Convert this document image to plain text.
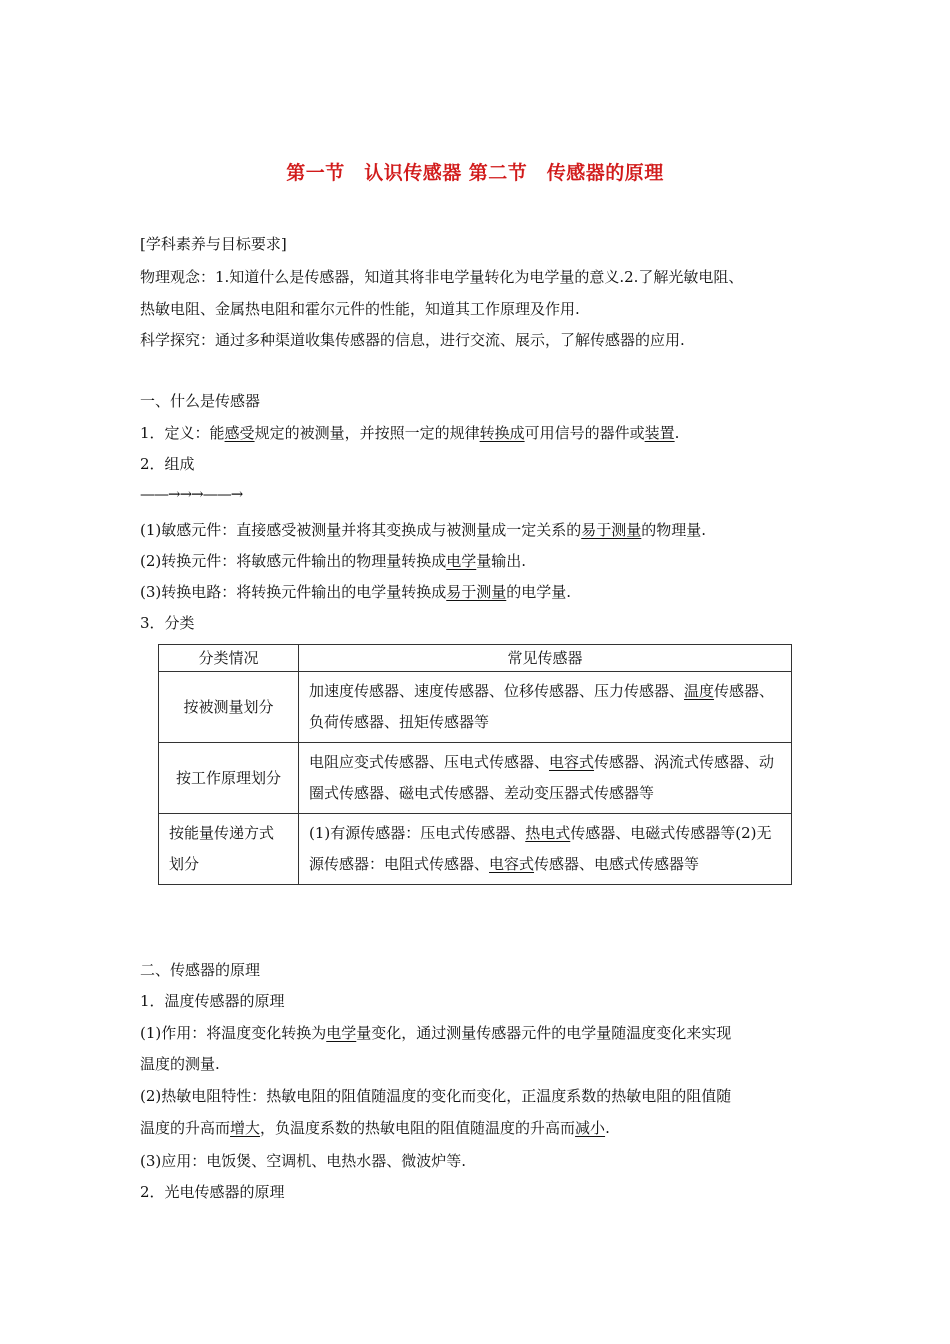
第一节　认识传感器 第二节　传感器的原理
[学科素养与目标要求]
物理观念：1.知道什么是传感器，知道其将非电学量转化为电学量的意义.2.了解光敏电阻、
热敏电阻、金属热电阻和霍尔元件的性能，知道其工作原理及作用.
科学探究：通过多种渠道收集传感器的信息，进行交流、展示，了解传感器的应用.
一、什么是传感器
1．定义：能感受规定的被测量，并按照一定的规律转换成可用信号的器件或装置.
2．组成
——→→→——→
(1)敏感元件：直接感受被测量并将其变换成与被测量成一定关系的易于测量的物理量.
(2)转换元件：将敏感元件输出的物理量转换成电学量输出.
(3)转换电路：将转换元件输出的电学量转换成易于测量的电学量.
3．分类
分类情况	常见传感器
按被测量划分	加速度传感器、速度传感器、位移传感器、压力传感器、温度传感器、负荷传感器、扭矩传感器等
按工作原理划分	电阻应变式传感器、压电式传感器、电容式传感器、涡流式传感器、动圈式传感器、磁电式传感器、差动变压器式传感器等
按能量传递方式划分	(1)有源传感器：压电式传感器、热电式传感器、电磁式传感器等(2)无源传感器：电阻式传感器、电容式传感器、电感式传感器等
二、传感器的原理
1．温度传感器的原理
(1)作用：将温度变化转换为电学量变化，通过测量传感器元件的电学量随温度变化来实现
温度的测量.
(2)热敏电阻特性：热敏电阻的阻值随温度的变化而变化，正温度系数的热敏电阻的阻值随
温度的升高而增大，负温度系数的热敏电阻的阻值随温度的升高而减小.
(3)应用：电饭煲、空调机、电热水器、微波炉等.
2．光电传感器的原理
